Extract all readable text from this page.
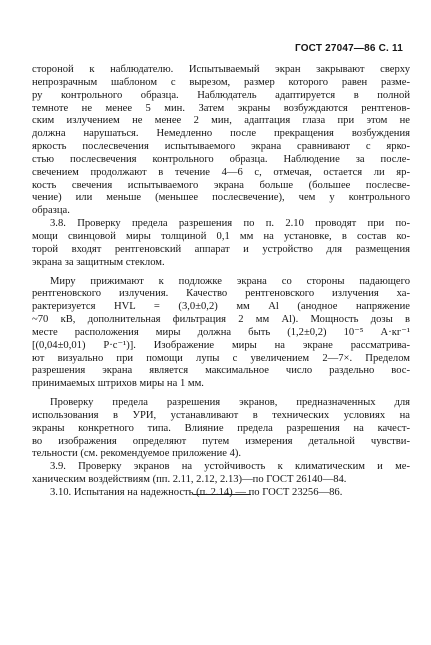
ГОСТ 27047—86 С. 11

стороной к наблюдателю. Испытываемый экран закрывают сверху
непрозрачным шаблоном с вырезом, размер которого равен разме-
ру контрольного образца. Наблюдатель адаптируется в полной
темноте не менее 5 мин. Затем экраны возбуждаются рентгенов-
ским излучением не менее 2 мин, адаптация глаза при этом не
должна нарушаться. Немедленно после прекращения возбуждения
яркость послесвечения испытываемого экрана сравнивают с ярко-
стью послесвечения контрольного образца. Наблюдение за после-
свечением продолжают в течение 4—6 с, отмечая, остается ли яр-
кость свечения испытываемого экрана больше (большее послесве-
чение) или меньше (меньшее послесвечение), чем у контрольного
образца.

3.8. Проверку предела разрешения по п. 2.10 проводят при по-
мощи свинцовой миры толщиной 0,1 мм на установке, в состав ко-
торой входят рентгеновский аппарат и устройство для размещения
экрана за защитным стеклом.

Миру прижимают к подложке экрана со стороны падающего
рентгеновского излучения. Качество рентгеновского излучения ха-
рактеризуется HVL = (3,0±0,2) мм Al (анодное напряжение
~70 кВ, дополнительная фильтрация 2 мм Al). Мощность дозы в
месте расположения миры должна быть (1,2±0,2) 10⁻⁵ А·кг⁻¹
[(0,04±0,01) Р·с⁻¹)]. Изображение миры на экране рассматрива-
ют визуально при помощи лупы с увеличением 2—7×. Пределом
разрешения экрана является максимальное число раздельно вос-
принимаемых штрихов миры на 1 мм.

Проверку предела разрешения экранов, предназначенных для
использования в УРИ, устанавливают в технических условиях на
экраны конкретного типа. Влияние предела разрешения на качест-
во изображения определяют путем измерения детальной чувстви-
тельности (см. рекомендуемое приложение 4).

3.9. Проверку экранов на устойчивость к климатическим и ме-
ханическим воздействиям (пп. 2.11, 2.12, 2.13)—по ГОСТ 26140—84.

3.10. Испытания на надежность (п. 2.14) — по ГОСТ 23256—86.
